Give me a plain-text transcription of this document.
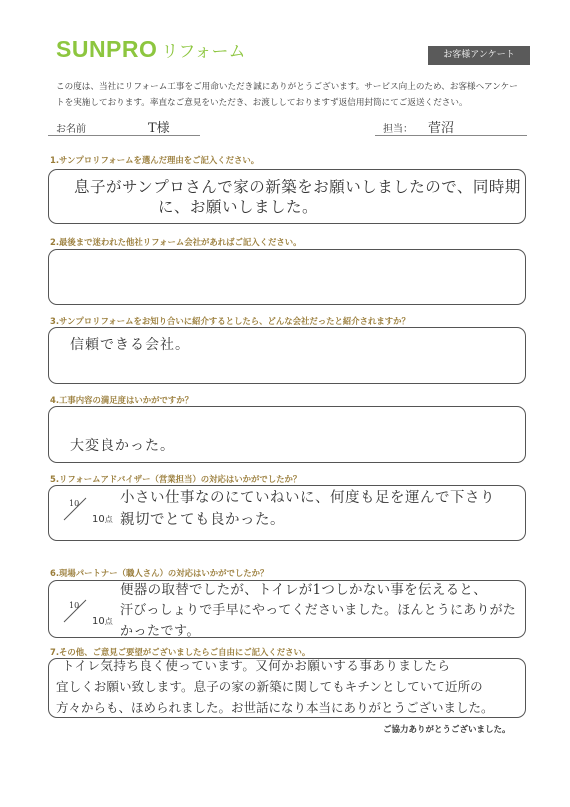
SUNPRO リフォーム	お客様アンケート
この度は、当社にリフォーム工事をご用命いただき誠にありがとうございます。サービス向上のため、お客様へアンケートを実施しております。率直なご意見をいただき、お渡ししておりますず返信用封筒にてご返送ください。
お名前	T様	担当： 菅沼
1.サンプロリフォームを選んだ理由をご記入ください。
息子がサンプロさんで家の新築をお願いしましたので、同時期
に、お願いしました。
2.最後まで迷われた他社リフォーム会社があればご記入ください。
3.サンプロリフォームをお知り合いに紹介するとしたら、どんな会社だったと紹介されますか？
信頼できる会社。
4.工事内容の満足度はいかがですか？
大変良かった。
5.リフォームアドバイザー（営業担当）の対応はいかがでしたか？
10
10点
小さい仕事なのにていねいに、何度も足を運んで下さり
親切でとても良かった。
6.現場パートナー（職人さん）の対応はいかがでしたか？
10
10点
便器の取替でしたが、トイレが1つしかない事を伝えると、
汗びっしょりで手早にやってくださいました。ほんとうにありがた
かったです。
7.その他、ご意見ご要望がございましたらご自由にご記入ください。
トイレ気持ち良く使っています。又何かお願いする事ありましたら
宜しくお願い致します。息子の家の新築に関してもキチンとしていて近所の
方々からも、ほめられました。お世話になり本当にありがとうございました。
ご協力ありがとうございました。
